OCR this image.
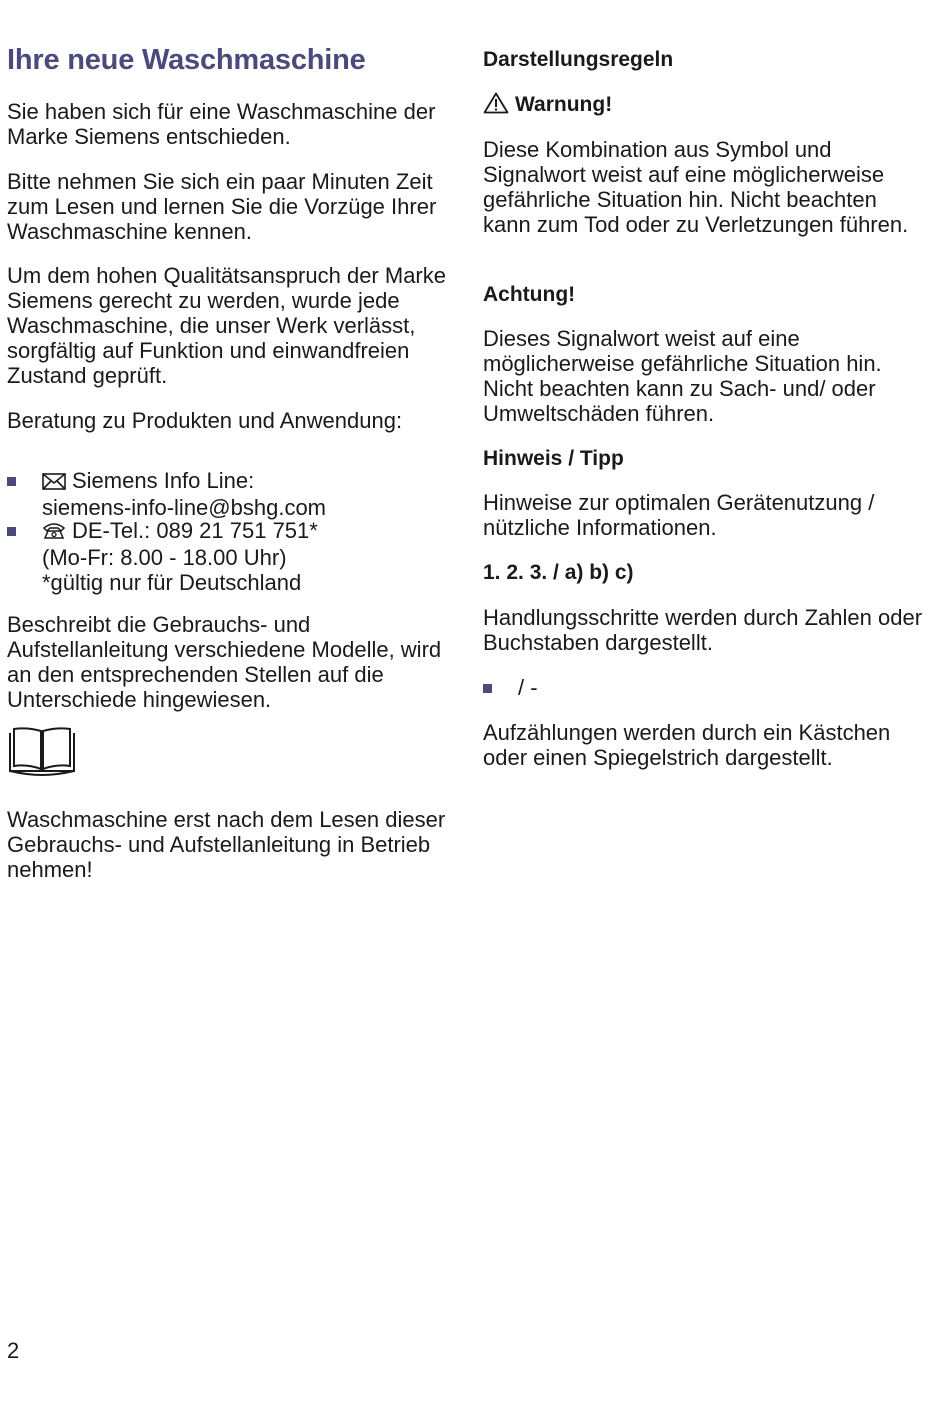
Ihre neue Waschmaschine

Sie haben sich für eine Waschmaschine der Marke Siemens entschieden.

Bitte nehmen Sie sich ein paar Minuten Zeit zum Lesen und lernen Sie die Vorzüge Ihrer Waschmaschine kennen.

Um dem hohen Qualitätsanspruch der Marke Siemens gerecht zu werden, wurde jede Waschmaschine, die unser Werk verlässt, sorgfältig auf Funktion und einwandfreien Zustand geprüft.

Beratung zu Produkten und Anwendung:

Siemens Info Line:
siemens-info-line@bshg.com
DE-Tel.: 089 21 751 751*
(Mo-Fr: 8.00 - 18.00 Uhr)
*gültig nur für Deutschland

Beschreibt die Gebrauchs- und Aufstellanleitung verschiedene Modelle, wird an den entsprechenden Stellen auf die Unterschiede hingewiesen.

Waschmaschine erst nach dem Lesen dieser Gebrauchs- und Aufstellanleitung in Betrieb nehmen!

Darstellungsregeln

Warnung!

Diese Kombination aus Symbol und Signalwort weist auf eine möglicherweise gefährliche Situation hin. Nicht beachten kann zum Tod oder zu Verletzungen führen.

Achtung!

Dieses Signalwort weist auf eine möglicherweise gefährliche Situation hin. Nicht beachten kann zu Sach- und/ oder Umweltschäden führen.

Hinweis / Tipp

Hinweise zur optimalen Gerätenutzung / nützliche Informationen.

1. 2. 3. / a) b) c)

Handlungsschritte werden durch Zahlen oder Buchstaben dargestellt.

/ -

Aufzählungen werden durch ein Kästchen oder einen Spiegelstrich dargestellt.

2
